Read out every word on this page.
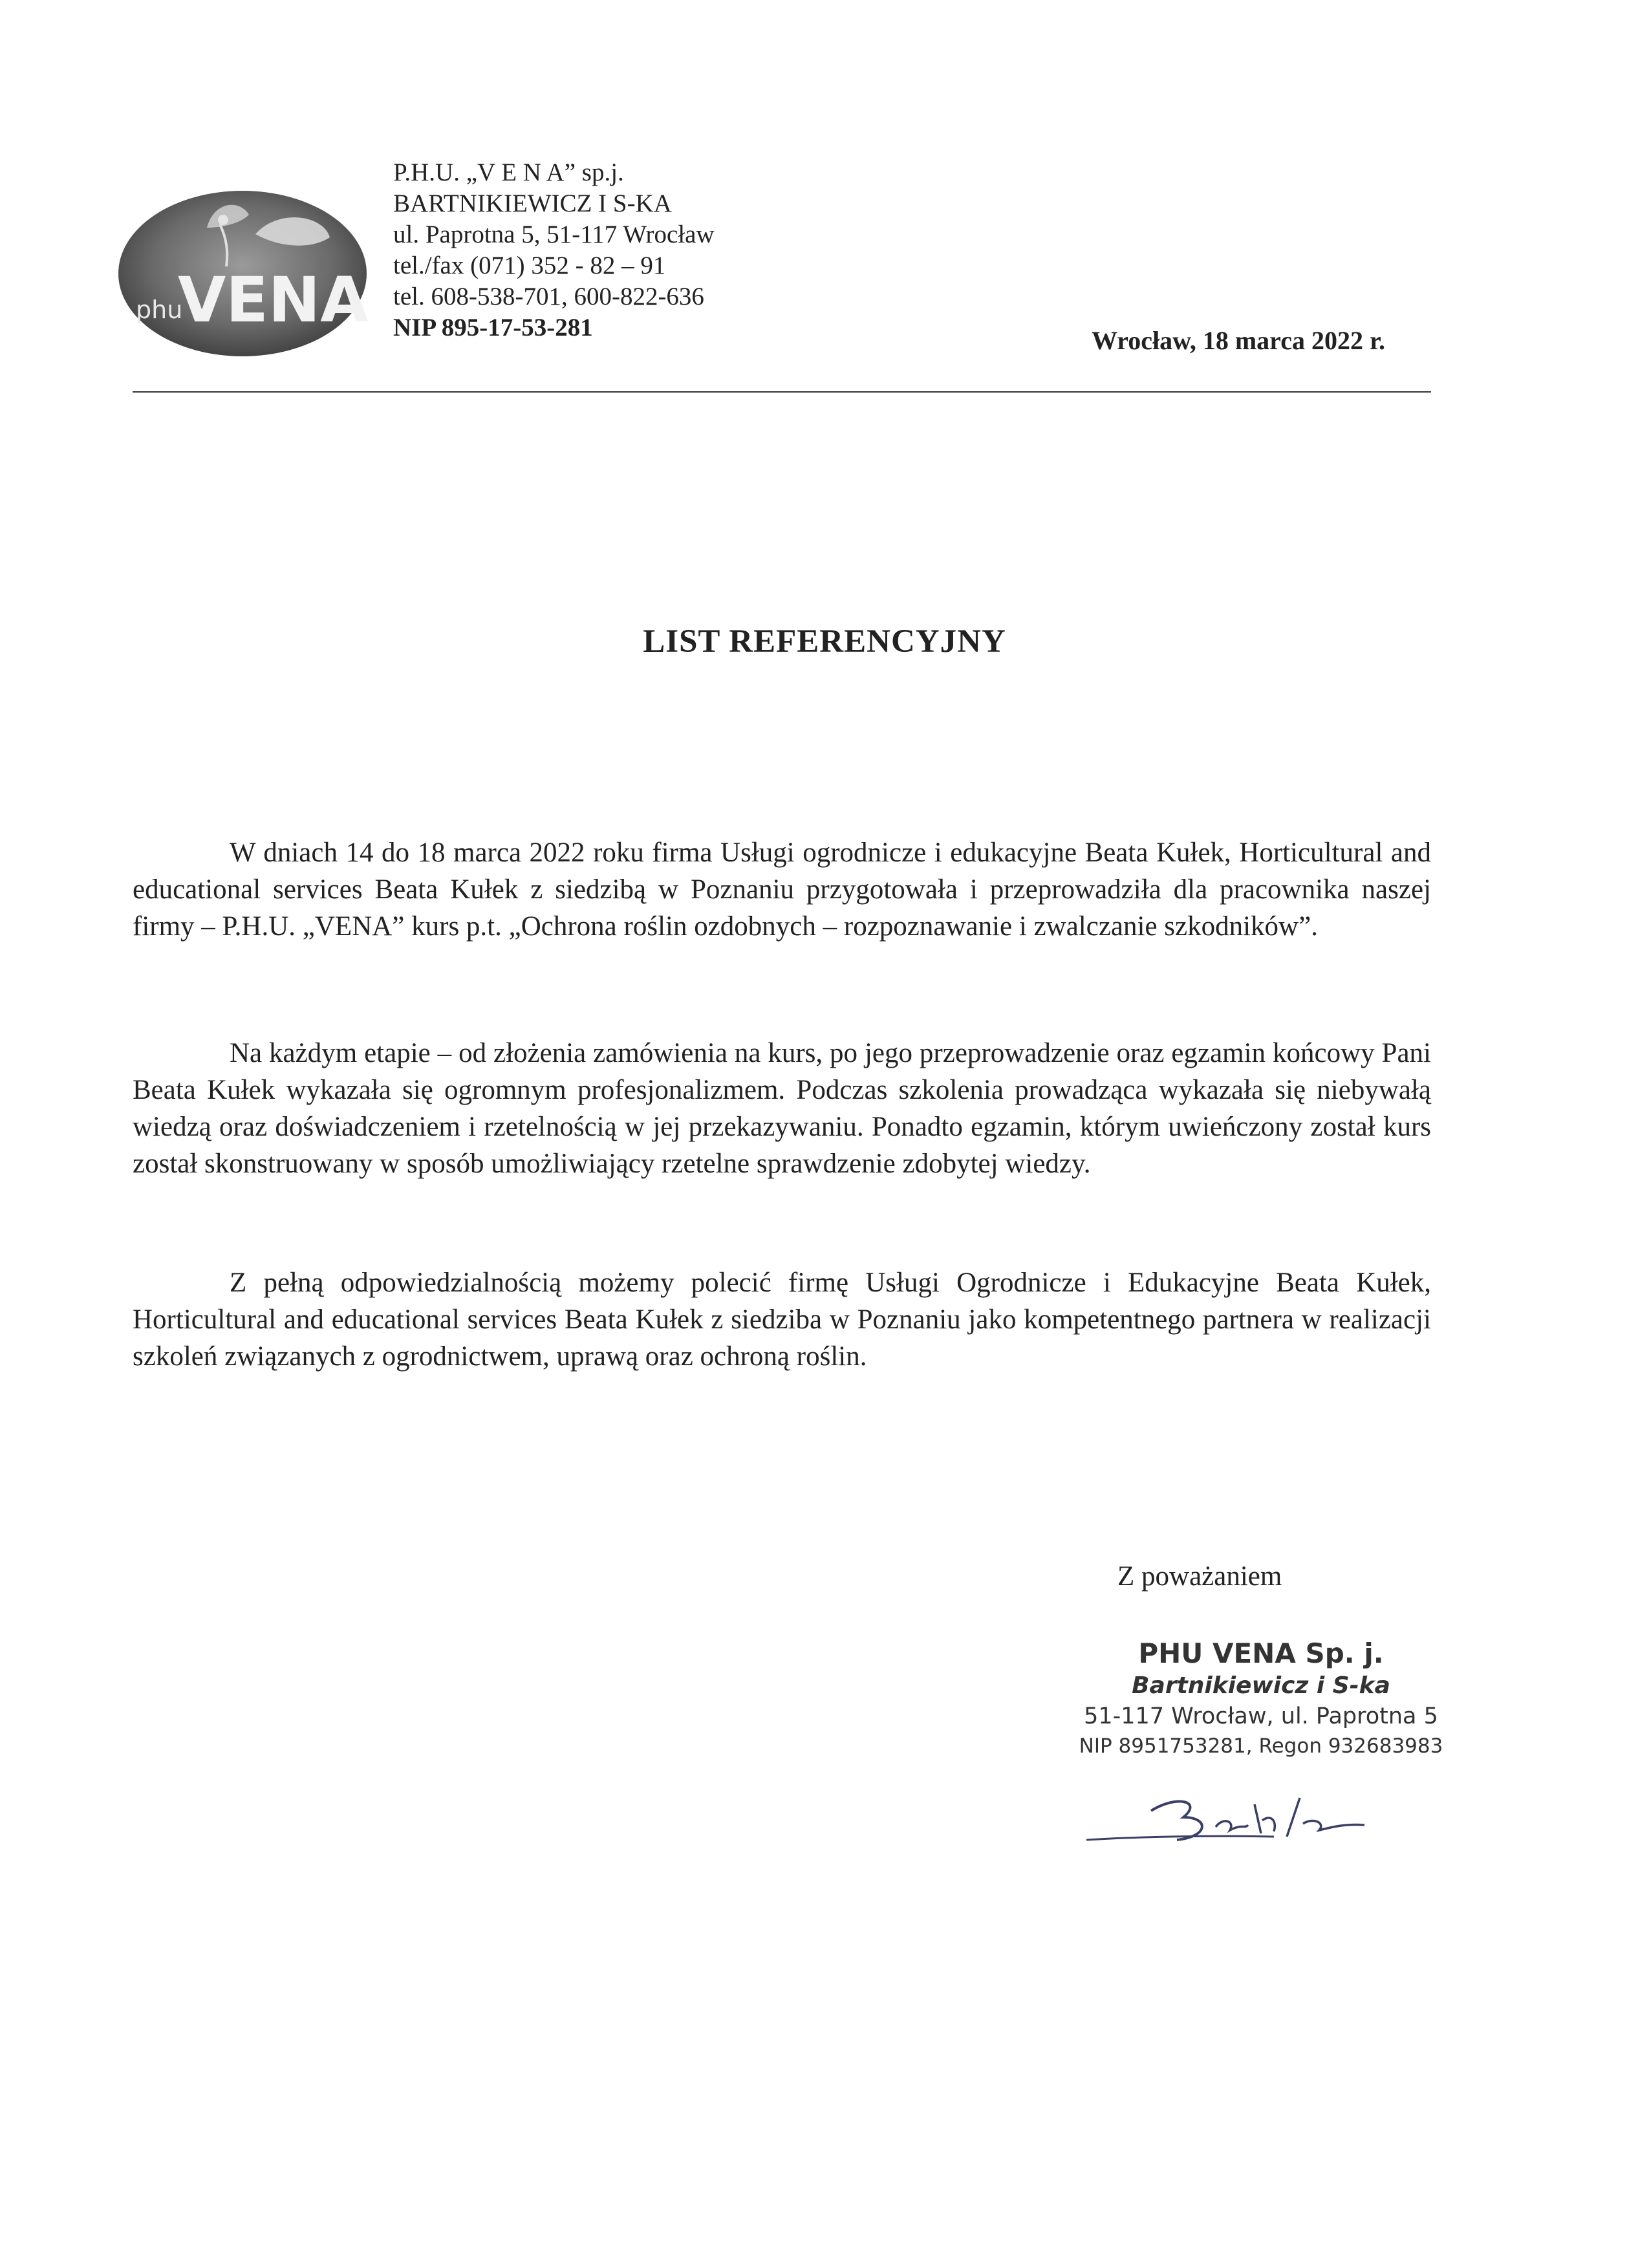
phu
VENA
P.H.U. „V E N A” sp.j.
BARTNIKIEWICZ I S-KA
ul. Paprotna 5, 51-117 Wrocław
tel./fax (071) 352 - 82 – 91
tel. 608-538-701, 600-822-636
NIP 895-17-53-281	Wrocław, 18 marca 2022 r.
LIST REFERENCYJNY
W dniach 14 do 18 marca 2022 roku firma Usługi ogrodnicze i edukacyjne Beata Kułek, Horticultural and educational services Beata Kułek z siedzibą w Poznaniu przygotowała i przeprowadziła dla pracownika naszej firmy – P.H.U. „VENA” kurs p.t. „Ochrona roślin ozdobnych – rozpoznawanie i zwalczanie szkodników”.
Na każdym etapie – od złożenia zamówienia na kurs, po jego przeprowadzenie oraz egzamin końcowy Pani Beata Kułek wykazała się ogromnym profesjonalizmem. Podczas szkolenia prowadząca wykazała się niebywałą wiedzą oraz doświadczeniem i rzetelnością w jej przekazywaniu. Ponadto egzamin, którym uwieńczony został kurs został skonstruowany w sposób umożliwiający rzetelne sprawdzenie zdobytej wiedzy.
Z pełną odpowiedzialnością możemy polecić firmę Usługi Ogrodnicze i Edukacyjne Beata Kułek, Horticultural and educational services Beata Kułek z siedziba w Poznaniu jako kompetentnego partnera w realizacji szkoleń związanych z ogrodnictwem, uprawą oraz ochroną roślin.
Z poważaniem
PHU VENA Sp. j.
Bartnikiewicz i S-ka
51-117 Wrocław, ul. Paprotna 5
NIP 8951753281, Regon 932683983
